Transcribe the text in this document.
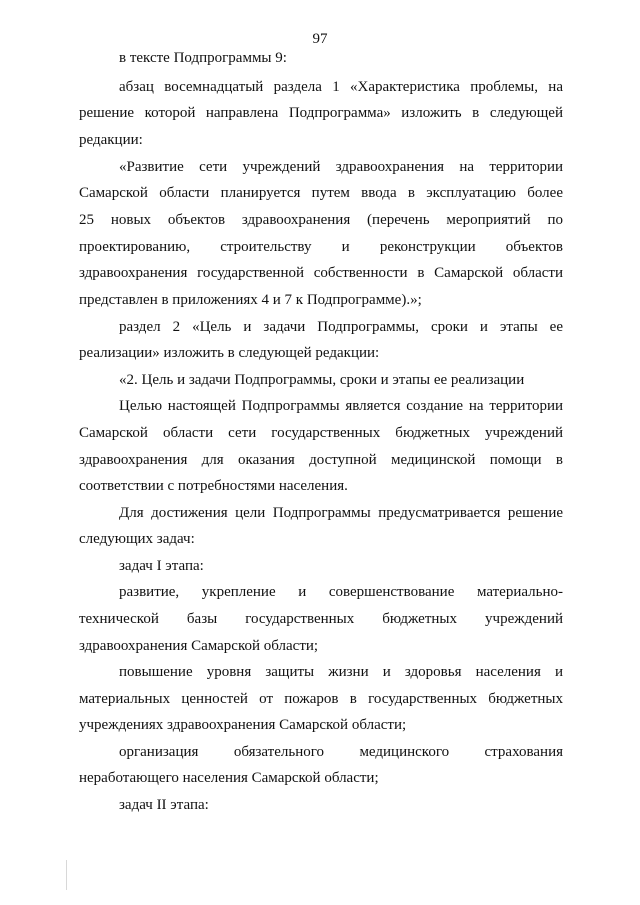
97
в тексте Подпрограммы 9:
абзац восемнадцатый раздела 1 «Характеристика проблемы, на
решение которой направлена Подпрограмма» изложить в следующей
редакции:
«Развитие сети учреждений здравоохранения на территории
Самарской области планируется путем ввода в эксплуатацию более
25 новых объектов здравоохранения (перечень мероприятий по
проектированию, строительству и реконструкции объектов
здравоохранения государственной собственности в Самарской области
представлен в приложениях 4 и 7 к Подпрограмме).»;
раздел 2 «Цель и задачи Подпрограммы, сроки и этапы ее
реализации» изложить в следующей редакции:
«2. Цель и задачи Подпрограммы, сроки и этапы ее реализации
Целью настоящей Подпрограммы является создание на территории
Самарской области сети государственных бюджетных учреждений
здравоохранения для оказания доступной медицинской помощи в
соответствии с потребностями населения.
Для достижения цели Подпрограммы предусматривается решение
следующих задач:
задач I этапа:
развитие, укрепление и совершенствование материально-
технической базы государственных бюджетных учреждений
здравоохранения Самарской области;
повышение уровня защиты жизни и здоровья населения и
материальных ценностей от пожаров в государственных бюджетных
учреждениях здравоохранения Самарской области;
организация обязательного медицинского страхования
неработающего населения Самарской области;
задач II этапа:
